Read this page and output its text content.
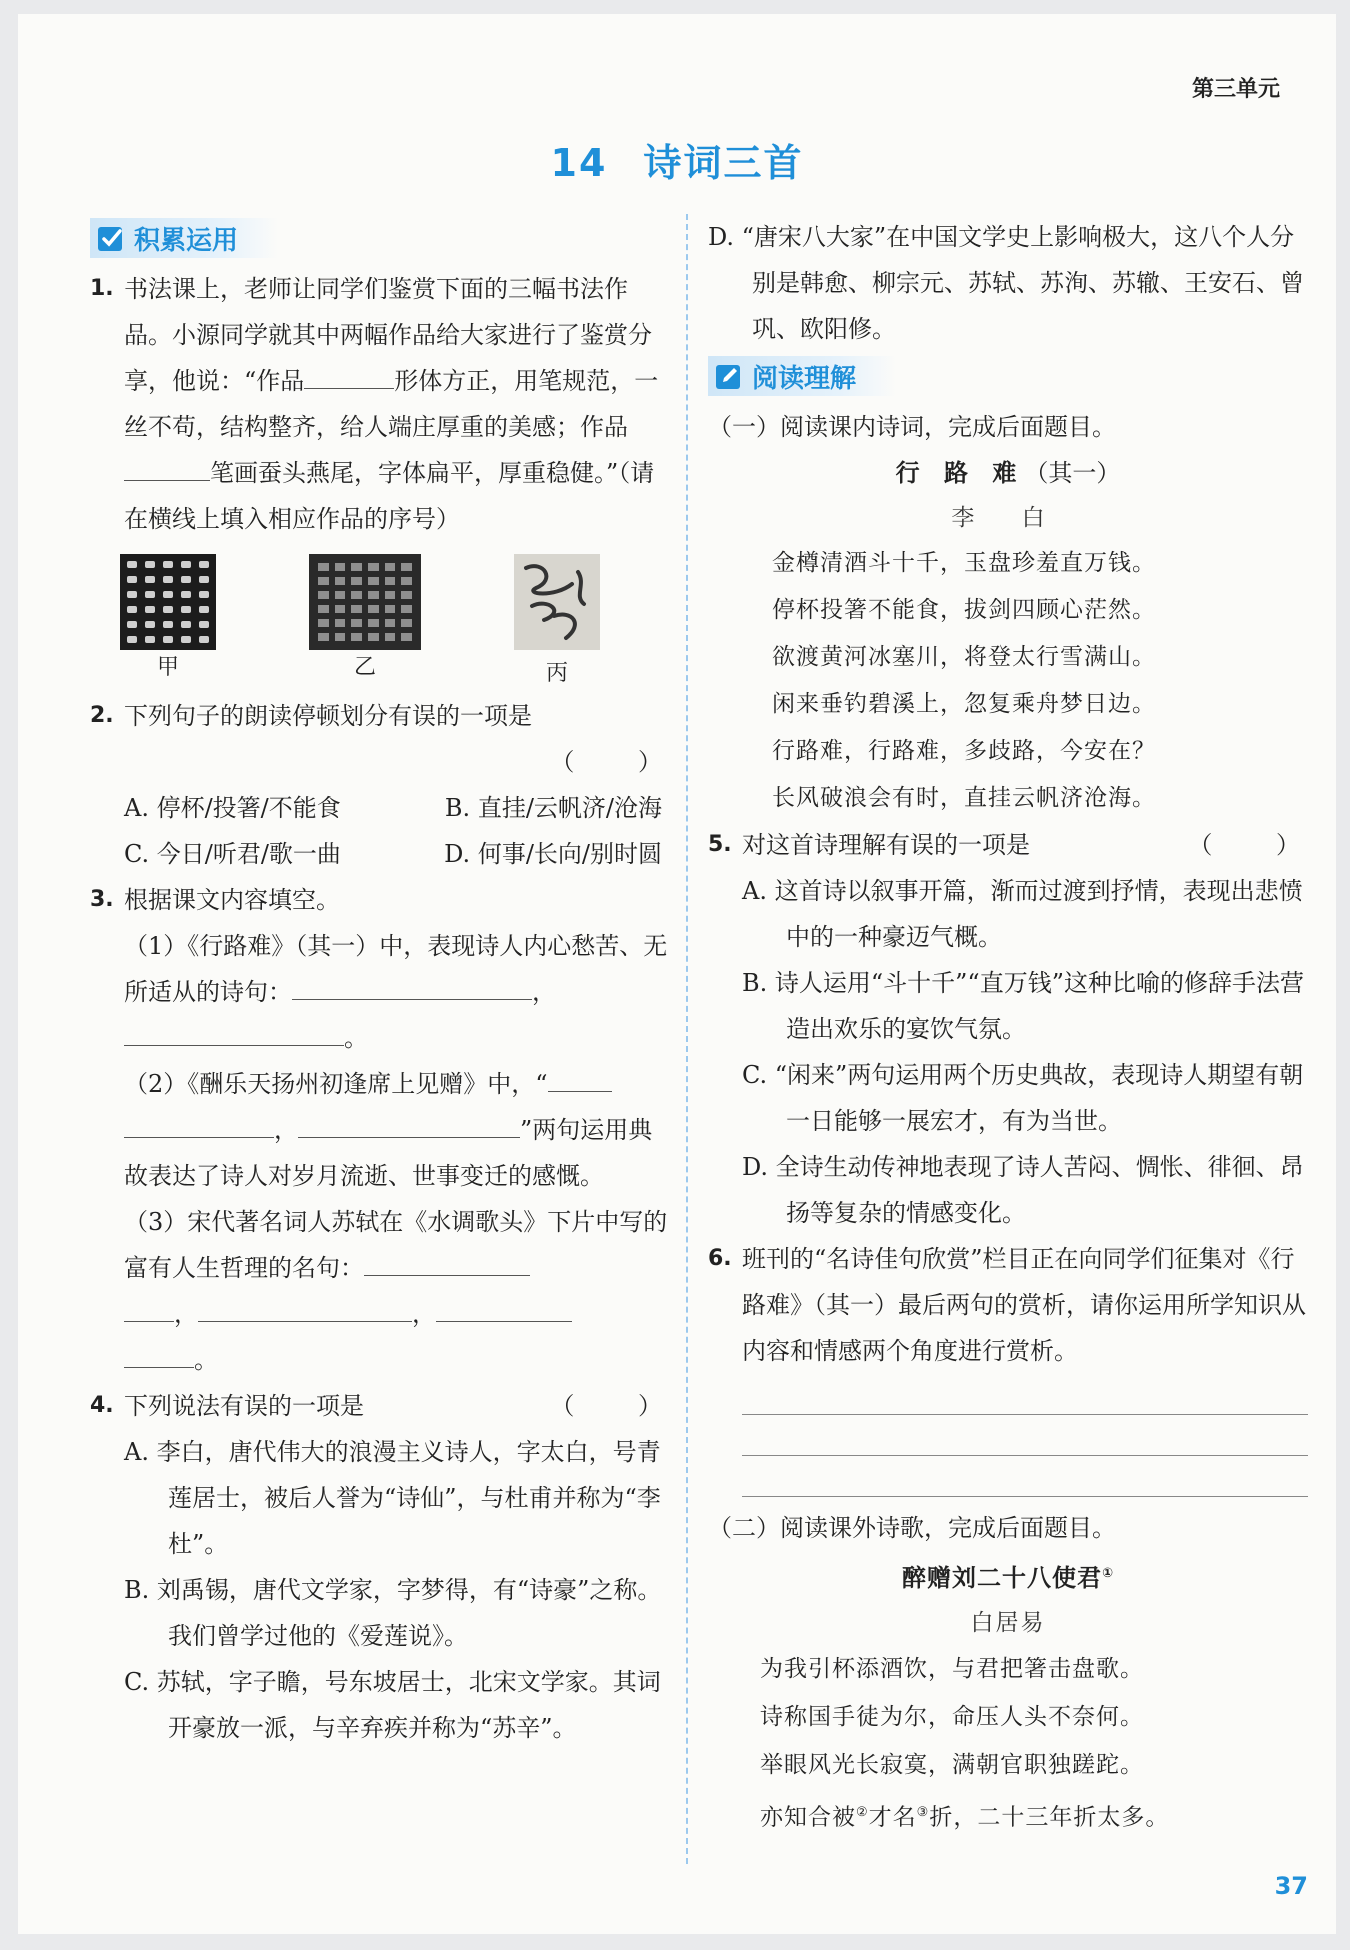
第三单元
14 诗词三首
积累运用
1. 书法课上，老师让同学们鉴赏下面的三幅书法作品。小源同学就其中两幅作品给大家进行了鉴赏分享，他说：“作品	形体方正，用笔规范，一丝不苟，结构整齐，给人端庄厚重的美感；作品笔画蚕头燕尾，字体扁平，厚重稳健。”（请在横线上填入相应作品的序号）
甲	乙	丙
2. 下列句子的朗读停顿划分有误的一项是

（ ）

A. 停杯/投箸/不能食	B. 直挂/云帆济/沧海
C. 今日/听君/歌一曲	D. 何事/长向/别时圆
3. 根据课文内容填空。
（1）《行路难》（其一）中，表现诗人内心愁苦、无所适从的诗句：	，
。
（2）《酬乐天扬州初逢席上见赠》中，“
，	”两句运用典故表达了诗人对岁月流逝、世事变迁的感慨。
（3）宋代著名词人苏轼在《水调歌头》下片中写的富有人生哲理的名句：
，	，
。
4. 下列说法有误的一项是	（ ）
A. 李白，唐代伟大的浪漫主义诗人，字太白，号青莲居士，被后人誉为“诗仙”，与杜甫并称为“李杜”。
B. 刘禹锡，唐代文学家，字梦得，有“诗豪”之称。我们曾学过他的《爱莲说》。
C. 苏轼，字子瞻，号东坡居士，北宋文学家。其词开豪放一派，与辛弃疾并称为“苏辛”。
D. “唐宋八大家”在中国文学史上影响极大，这八个人分别是韩愈、柳宗元、苏轼、苏洵、苏辙、王安石、曾巩、欧阳修。
阅读理解
（一）阅读课内诗词，完成后面题目。
行 路 难（其一）
李 白
金樽清酒斗十千，玉盘珍羞直万钱。
停杯投箸不能食，拔剑四顾心茫然。
欲渡黄河冰塞川，将登太行雪满山。
闲来垂钓碧溪上，忽复乘舟梦日边。
行路难，行路难，多歧路，今安在？
长风破浪会有时，直挂云帆济沧海。
5. 对这首诗理解有误的一项是	（ ）
A. 这首诗以叙事开篇，渐而过渡到抒情，表现出悲愤中的一种豪迈气概。
B. 诗人运用“斗十千”“直万钱”这种比喻的修辞手法营造出欢乐的宴饮气氛。
C. “闲来”两句运用两个历史典故，表现诗人期望有朝一日能够一展宏才，有为当世。
D. 全诗生动传神地表现了诗人苦闷、惆怅、徘徊、昂扬等复杂的情感变化。
6. 班刊的“名诗佳句欣赏”栏目正在向同学们征集对《行路难》（其一）最后两句的赏析，请你运用所学知识从内容和情感两个角度进行赏析。
（二）阅读课外诗歌，完成后面题目。
醉赠刘二十八使君①
白居易
为我引杯添酒饮，与君把箸击盘歌。
诗称国手徒为尔，命压人头不奈何。
举眼风光长寂寞，满朝官职独蹉跎。
亦知合被②才名③折，二十三年折太多。
37
